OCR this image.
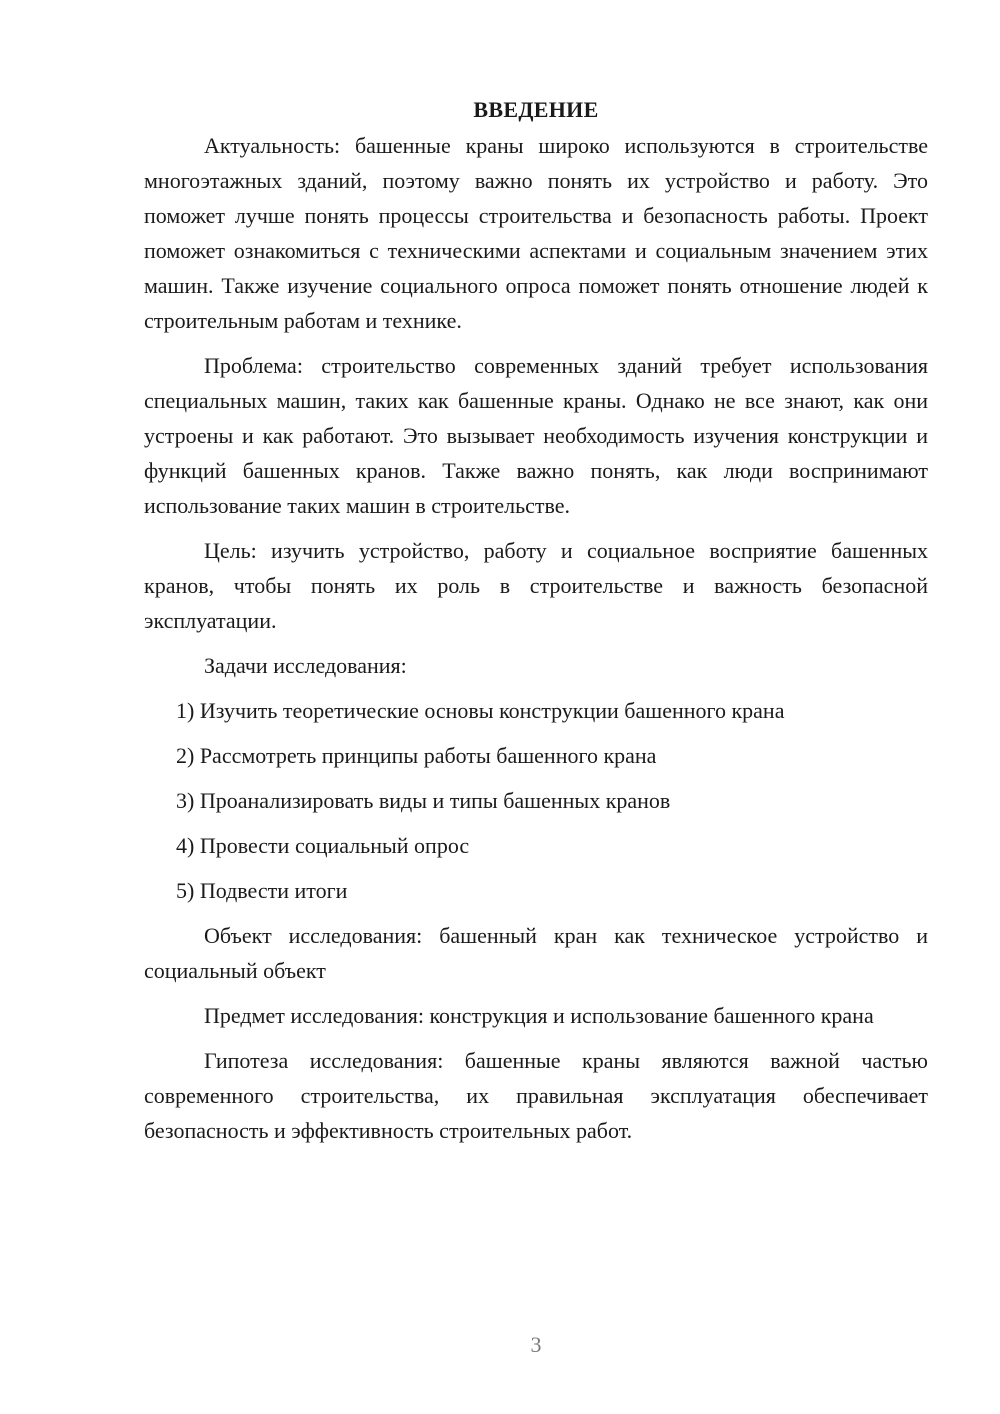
ВВЕДЕНИЕ

Актуальность: башенные краны широко используются в строительстве многоэтажных зданий, поэтому важно понять их устройство и работу. Это поможет лучше понять процессы строительства и безопасность работы. Проект поможет ознакомиться с техническими аспектами и социальным значением этих машин. Также изучение социального опроса поможет понять отношение людей к строительным работам и технике.

Проблема: строительство современных зданий требует использования специальных машин, таких как башенные краны. Однако не все знают, как они устроены и как работают. Это вызывает необходимость изучения конструкции и функций башенных кранов. Также важно понять, как люди воспринимают использование таких машин в строительстве.

Цель: изучить устройство, работу и социальное восприятие башенных кранов, чтобы понять их роль в строительстве и важность безопасной эксплуатации.

Задачи исследования:

1) Изучить теоретические основы конструкции башенного крана
2) Рассмотреть принципы работы башенного крана
3) Проанализировать виды и типы башенных кранов
4) Провести социальный опрос
5) Подвести итоги

Объект исследования: башенный кран как техническое устройство и социальный объект

Предмет исследования: конструкция и использование башенного крана

Гипотеза исследования: башенные краны являются важной частью современного строительства, их правильная эксплуатация обеспечивает безопасность и эффективность строительных работ.

3
